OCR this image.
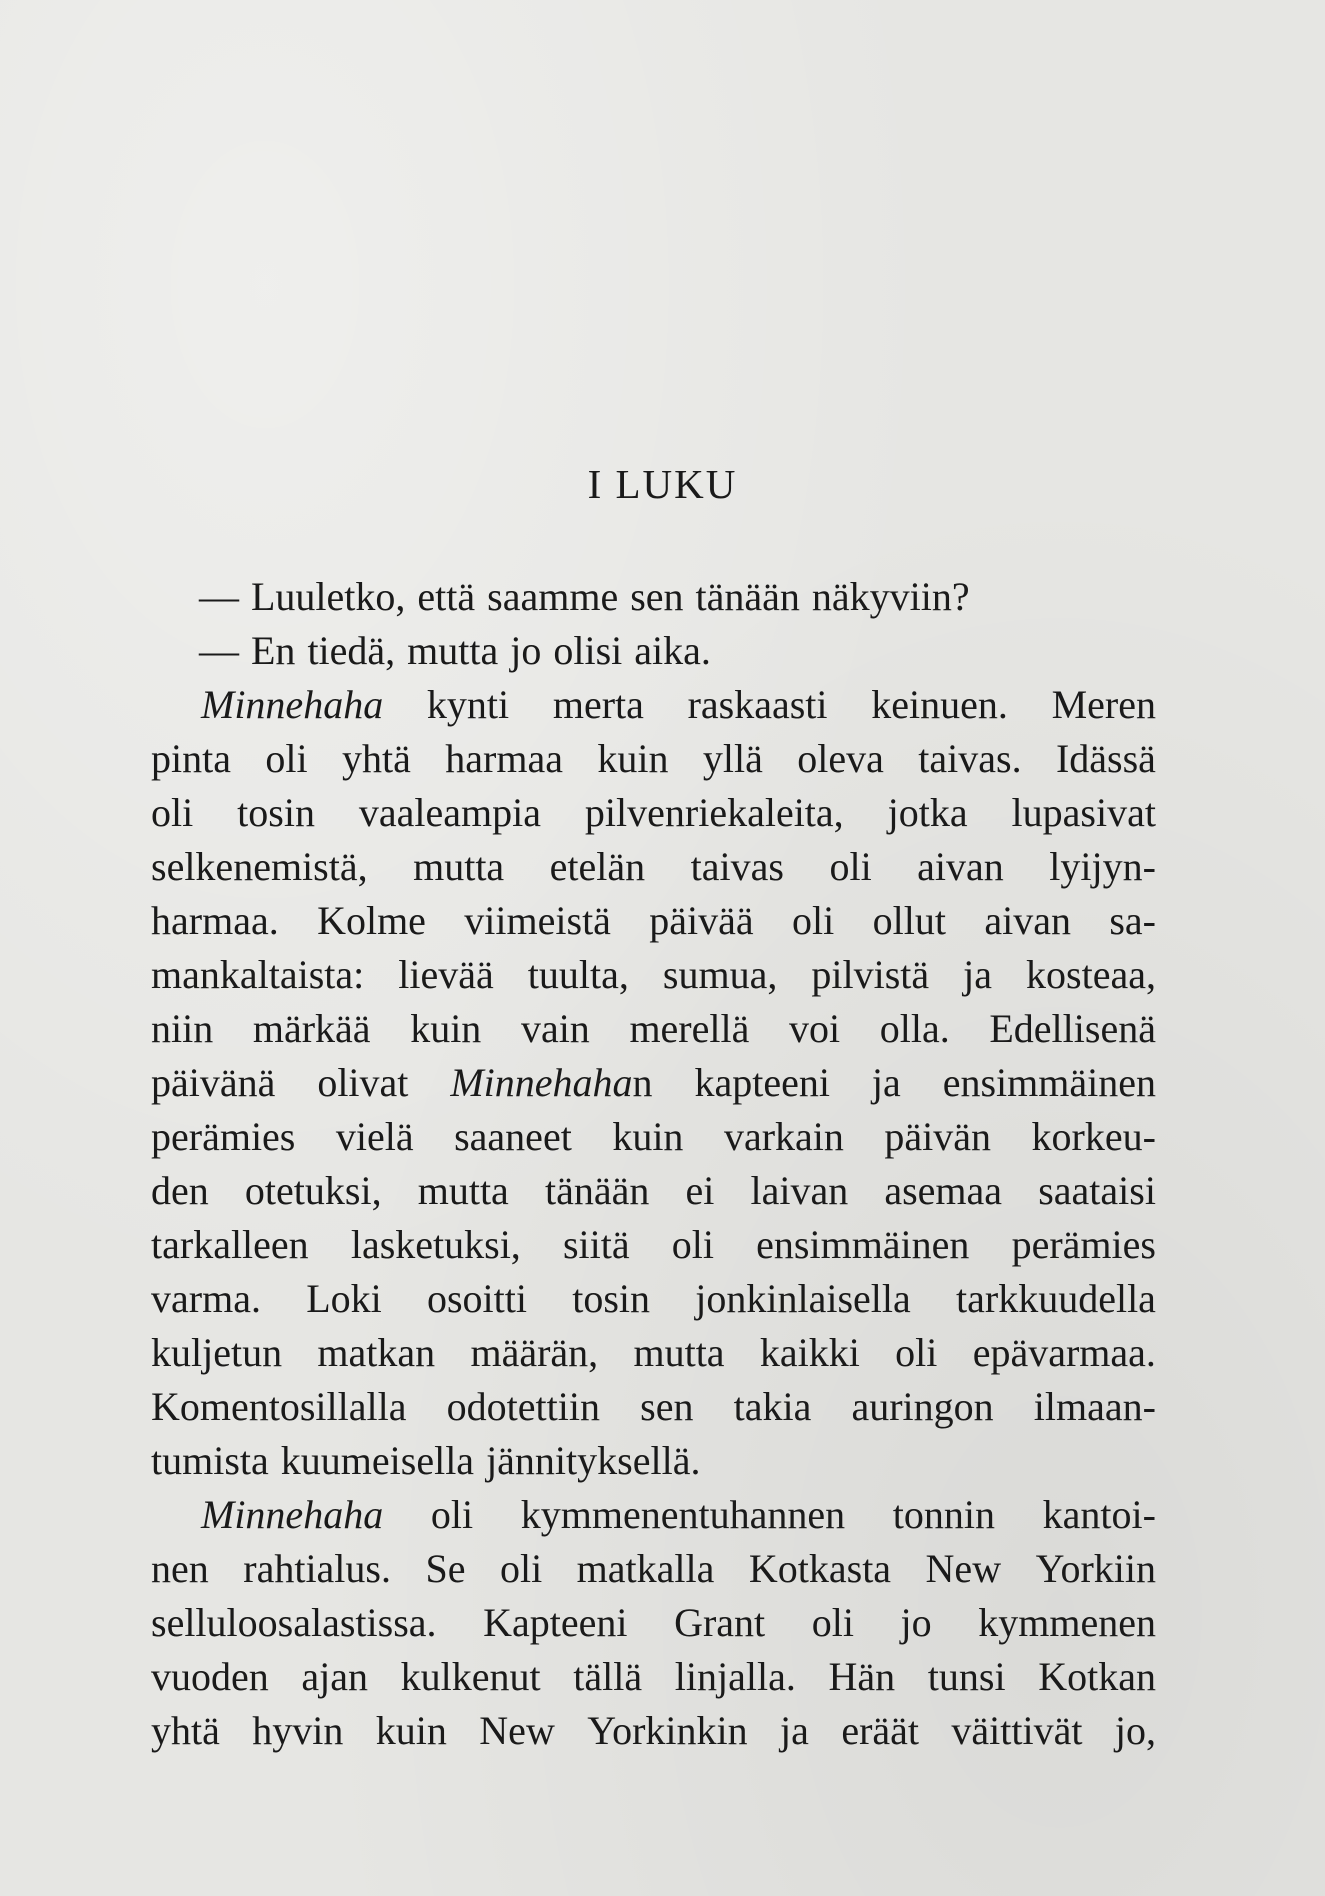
I LUKU
— Luuletko, että saamme sen tänään näkyviin?
— En tiedä, mutta jo olisi aika.
Minnehaha kynti merta raskaasti keinuen. Meren
pinta oli yhtä harmaa kuin yllä oleva taivas. Idässä
oli tosin vaaleampia pilvenriekaleita, jotka lupasivat
selkenemistä, mutta etelän taivas oli aivan lyijyn-
harmaa. Kolme viimeistä päivää oli ollut aivan sa-
mankaltaista: lievää tuulta, sumua, pilvistä ja kosteaa,
niin märkää kuin vain merellä voi olla. Edellisenä
päivänä olivat Minnehahan kapteeni ja ensimmäinen
perämies vielä saaneet kuin varkain päivän korkeu-
den otetuksi, mutta tänään ei laivan asemaa saataisi
tarkalleen lasketuksi, siitä oli ensimmäinen perämies
varma. Loki osoitti tosin jonkinlaisella tarkkuudella
kuljetun matkan määrän, mutta kaikki oli epävarmaa.
Komentosillalla odotettiin sen takia auringon ilmaan-
tumista kuumeisella jännityksellä.
Minnehaha oli kymmenentuhannen tonnin kantoi-
nen rahtialus. Se oli matkalla Kotkasta New Yorkiin
selluloosalastissa. Kapteeni Grant oli jo kymmenen
vuoden ajan kulkenut tällä linjalla. Hän tunsi Kotkan
yhtä hyvin kuin New Yorkinkin ja eräät väittivät jo,
